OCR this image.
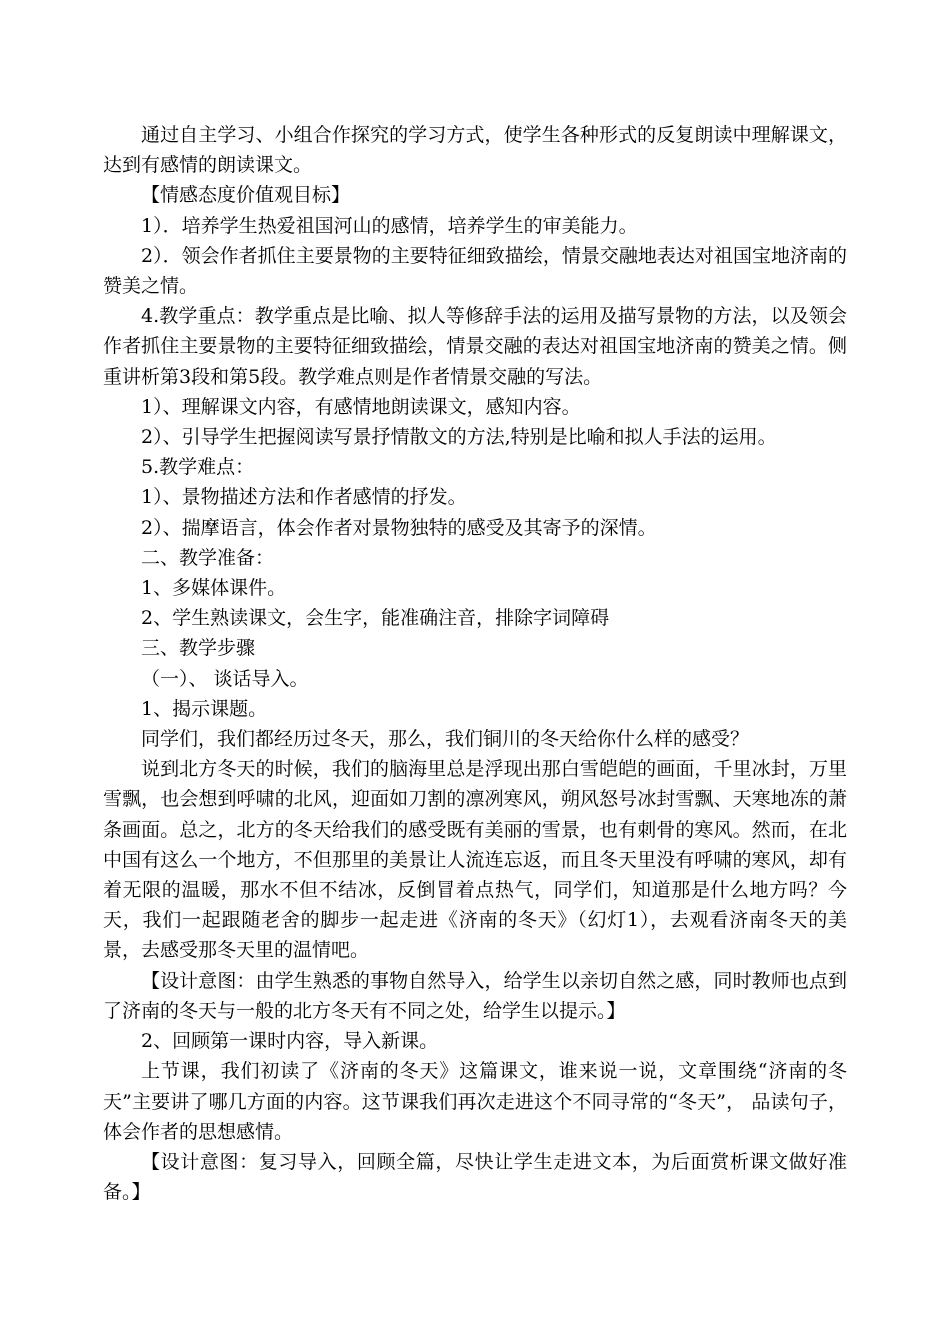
通过自主学习、小组合作探究的学习方式，使学生各种形式的反复朗读中理解课文，达到有感情的朗读课文。

【情感态度价值观目标】

1）．培养学生热爱祖国河山的感情，培养学生的审美能力。

2）．领会作者抓住主要景物的主要特征细致描绘，情景交融地表达对祖国宝地济南的赞美之情。

4.教学重点：教学重点是比喻、拟人等修辞手法的运用及描写景物的方法，以及领会作者抓住主要景物的主要特征细致描绘，情景交融的表达对祖国宝地济南的赞美之情。侧重讲析第3段和第5段。教学难点则是作者情景交融的写法。

1）、理解课文内容，有感情地朗读课文，感知内容。

2）、引导学生把握阅读写景抒情散文的方法,特别是比喻和拟人手法的运用。

5.教学难点：

1）、景物描述方法和作者感情的抒发。

2）、揣摩语言，体会作者对景物独特的感受及其寄予的深情。

二、教学准备：

1、多媒体课件。

2、学生熟读课文，会生字，能准确注音，排除字词障碍

三、教学步骤

（一）、 谈话导入。

1、揭示课题。

同学们，我们都经历过冬天，那么，我们铜川的冬天给你什么样的感受？

说到北方冬天的时候，我们的脑海里总是浮现出那白雪皑皑的画面，千里冰封，万里雪飘，也会想到呼啸的北风，迎面如刀割的凛冽寒风，朔风怒号冰封雪飘、天寒地冻的萧条画面。总之，北方的冬天给我们的感受既有美丽的雪景，也有刺骨的寒风。然而，在北中国有这么一个地方，不但那里的美景让人流连忘返，而且冬天里没有呼啸的寒风，却有着无限的温暖，那水不但不结冰，反倒冒着点热气，同学们，知道那是什么地方吗？今天，我们一起跟随老舍的脚步一起走进《济南的冬天》（幻灯1），去观看济南冬天的美景，去感受那冬天里的温情吧。

【设计意图：由学生熟悉的事物自然导入，给学生以亲切自然之感，同时教师也点到了济南的冬天与一般的北方冬天有不同之处，给学生以提示。】

2、回顾第一课时内容，导入新课。

上节课，我们初读了《济南的冬天》这篇课文，谁来说一说，文章围绕“济南的冬天”主要讲了哪几方面的内容。这节课我们再次走进这个不同寻常的“冬天”， 品读句子，体会作者的思想感情。

【设计意图：复习导入，回顾全篇，尽快让学生走进文本，为后面赏析课文做好准备。】
